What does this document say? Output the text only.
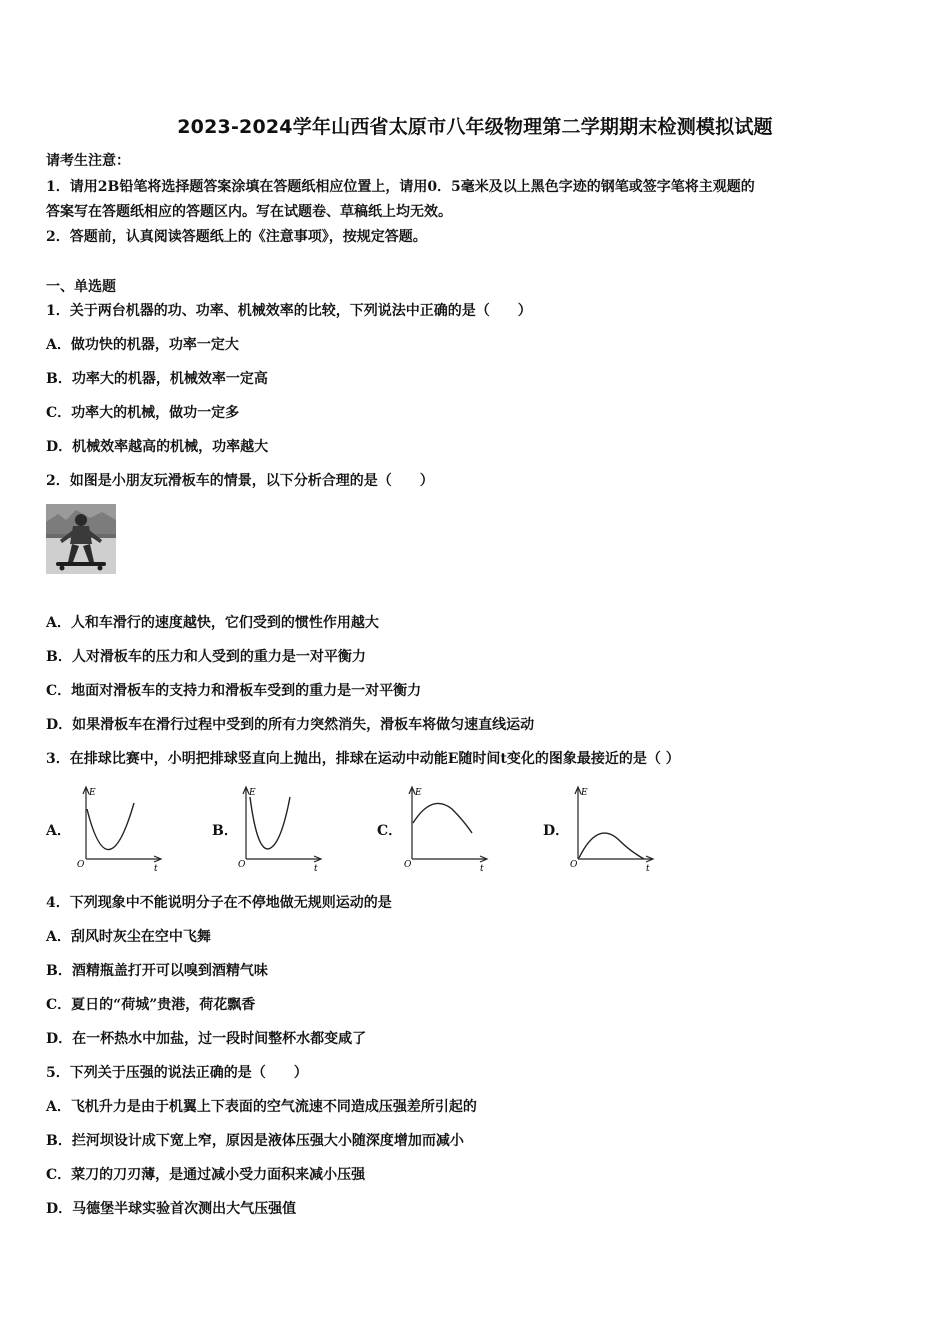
2023-2024学年山西省太原市八年级物理第二学期期末检测模拟试题
请考生注意：
1．请用2B铅笔将选择题答案涂填在答题纸相应位置上，请用0．5毫米及以上黑色字迹的钢笔或签字笔将主观题的
答案写在答题纸相应的答题区内。写在试题卷、草稿纸上均无效。
2．答题前，认真阅读答题纸上的《注意事项》，按规定答题。
一、单选题
1．关于两台机器的功、功率、机械效率的比较，下列说法中正确的是（　　）
A．做功快的机器，功率一定大
B．功率大的机器，机械效率一定高
C．功率大的机械，做功一定多
D．机械效率越高的机械，功率越大
2．如图是小朋友玩滑板车的情景，以下分析合理的是（　　）
A．人和车滑行的速度越快，它们受到的惯性作用越大
B．人对滑板车的压力和人受到的重力是一对平衡力
C．地面对滑板车的支持力和滑板车受到的重力是一对平衡力
D．如果滑板车在滑行过程中受到的所有力突然消失，滑板车将做匀速直线运动
3．在排球比赛中，小明把排球竖直向上抛出，排球在运动中动能E随时间t变化的图象最接近的是（ ）
A．
E
t
O
B．
E
t
O
C．
E
t
O
D．
E
t
O
4．下列现象中不能说明分子在不停地做无规则运动的是
A．刮风时灰尘在空中飞舞
B．酒精瓶盖打开可以嗅到酒精气味
C．夏日的“荷城”贵港，荷花飘香
D．在一杯热水中加盐，过一段时间整杯水都变咸了
5．下列关于压强的说法正确的是（　　）
A．飞机升力是由于机翼上下表面的空气流速不同造成压强差所引起的
B．拦河坝设计成下宽上窄，原因是液体压强大小随深度增加而减小
C．菜刀的刀刃薄，是通过减小受力面积来减小压强
D．马德堡半球实验首次测出大气压强值
